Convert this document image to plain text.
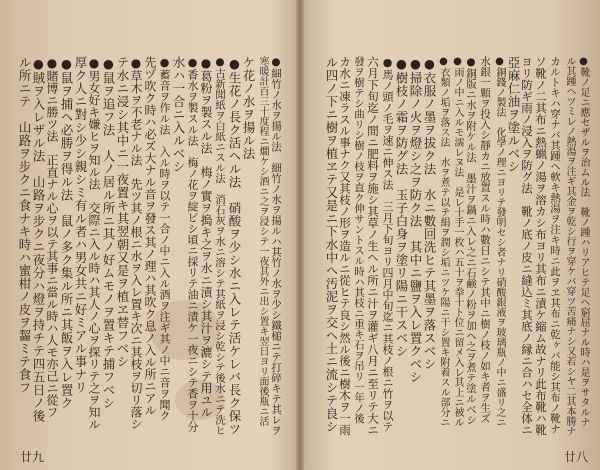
●靴ノ足ニ應セザルヲ治ムル法　靴ノ踵ハリアヒテ足ヘ窮屈ナル時ハ是ヲサタルナ
ル其踵ヘツミレノ熱湯ヲ注ギ其金ヲ乾シ行ヲ穿ケバ穿ツ苦痛ナシ又若シヤ二其本勝ナ
カルトキハ穿ナバ其踵ヘ軟キ熱湯ヲ注キ時ニ此ヲヱ其布ニ乾ヶバ能シ其布ノ靴ナ
ソ靴ノ二其布ニ熱蝋ノ湯ヲ溶カシ布ヨリ其布ニ漬ケ縮ム故ナリ此布靴ハ靴
ヨリ防ギ雨ノ浸入ヲ防グ法　靴ノ底ノ皮ニ縫込ミ其底ノ縁ニ合ハセ全体ニ
亞麻仁油ヲ塗ルベシ
●銅錢ノ製法　化學ノ理ニヨリテ發明セシ者ナリ硝酸銀液ヲ玻璃瓶ノ中ニ盛リ之ニ
水銀一顆ヲ投入シ靜カニ放置スル時ハ數日ニシテ其中ニ樹ノ枝ノ如キ者ヲ生ズ
●銅版ニ水ヲ附ケル法　墨汁ヲ鍋ニ入レ之ニ石鹸ノ粉ヲ加ヘ之ヲ煮テ塗ルベシ
●雨ノ中ニ入ルモ濡レヌ法　是レ十手一枚ハ五十ヲ拳十ト位ニ留メ入レ其上ニ被ル
●衣類ノ垢ヲ落ス法　水ヲ煮テ以テ絹ヲ潤シ垢ニツケ陽ニ干シ置キ附着スル部分ニ
●衣服ノ墨ヲ拔ク法　水ニ數回洗ヒテ其墨ヲ落スベシ
●掃除ノ火ヲ燈シ之ヲ防ク法　其中ニ鹽ヲ入レ置クベシ
●樹枝ノ霜ヲ防グ法　玉子白身ヲ塗リ陽ニ干スベシ
●馬ノ頭ノ毛ヲ速ニ伸ス法　三月下旬ヨリ四月中旬迄ニ其枝ノ根ニ竹ヲ以テ
六月下旬迄ノ間ニ肥料ヲ施シ其草ノ生ヘル所ニ汁ヲ灌ギ八月ニ至リテ大ニ
發ヲ樹テシ曲リシ樹ノ枝ヲ直ク伸サントスル時ハ其枝ニ重キ石ヲ吊リ一年ノ後
カ水ニ凍ラスル事ナク又其枝ノ形ヲ造ルニ從ヒテ良シ然ル後ニ樹木ヲ一雨
ル四ノ下ニ樹ヲ植ヱテ又是ニ下水中ヘ汚泥ヲ交ヘ土ニ流シテ良シ
廿八
●細竹ノ水ヲ揚ル法　細竹ノ水ヲ揚ルハ其竹ノ水ヲ少シ鐵槌ニテ打碎キテ其レヲ
寒暖計百三十度程ニ燗ケシ酒ニ之ヲ浸シテ一夜其外ニ出シ置キ翌日ヨリ面後瓶ニ活
ケ花ノ水ヲ揚ル法
●生花ノ長ク活ヘル法　硝酸ヲ少シ水ニ入レテ活ケレバ長ク保ツ
●古新聞紙ヲ白紙ニスル法　消石灰ヲ水ニ溶シテ其紙ヲ浸シ乾シテ後水ニテ洗ヒ
●葛粉ヲ製スル法　梅ノ實ヲ搗キ之ヲ水ニ漬シ其汁ヲ漉シテ用ユル
●香水ヲ製スル法　梅ノ花ヲ綻ビシ頃ニ採リテ油ニ漬ケ一夜ニシテ香ヲ十分
水ハ一合ニ入ルベシ
●蓄音ヲ作ル法　入ル時ヲ以テ一合ノ中ニ入ル酒ヲ注ギ其ノ中ニ音ヲ聞ク
先ヅ吹ク時ハ必ズ大ナル音ヲ發ス其ノ理ハ其吹ク息ノ入ル所ニアル
●草木ヲ不老ナル法　先ツ其ノ根ニ水ヲ入レ置キ次ニ其枝ヲ切リ落シ
テ水ニ浸シ其中ニ一夜置キ其翌朝又是ヲ植ヱ替フベシ
●鼠ヲ追フ法　人ノ居ル所ニ其ノ好ムモノヲ置キテ捕フベシ
●男女好キ嫌ヒヲ知ル法　交際ニ入ル時ハ其人ノ心ヲ探リテ之ヲ知ル
厚ク人ニ對シ少シ親シミ有ル者ハ男女共ニ好ミアル事ナリ
●鼠ヲ捕ヘ必勝ヲ得ル法　鼠ノ多ク集ル所ニ其飯ヲ入レ置ク
●賭博ニ勝ツ法　正直ナル心ヲ以テ其事ニ當ル時ハ人モ亦己ニ從フ
●賊ヲ入レザル法　山路ヲ步クニ夜分ハ燈ヲ持チテ四五日ノ後
ル所ニテ　山路ヲ步クニ食ナキ時ハ蜜柑ノ皮ヲ齧ミテ食フ
廿九
